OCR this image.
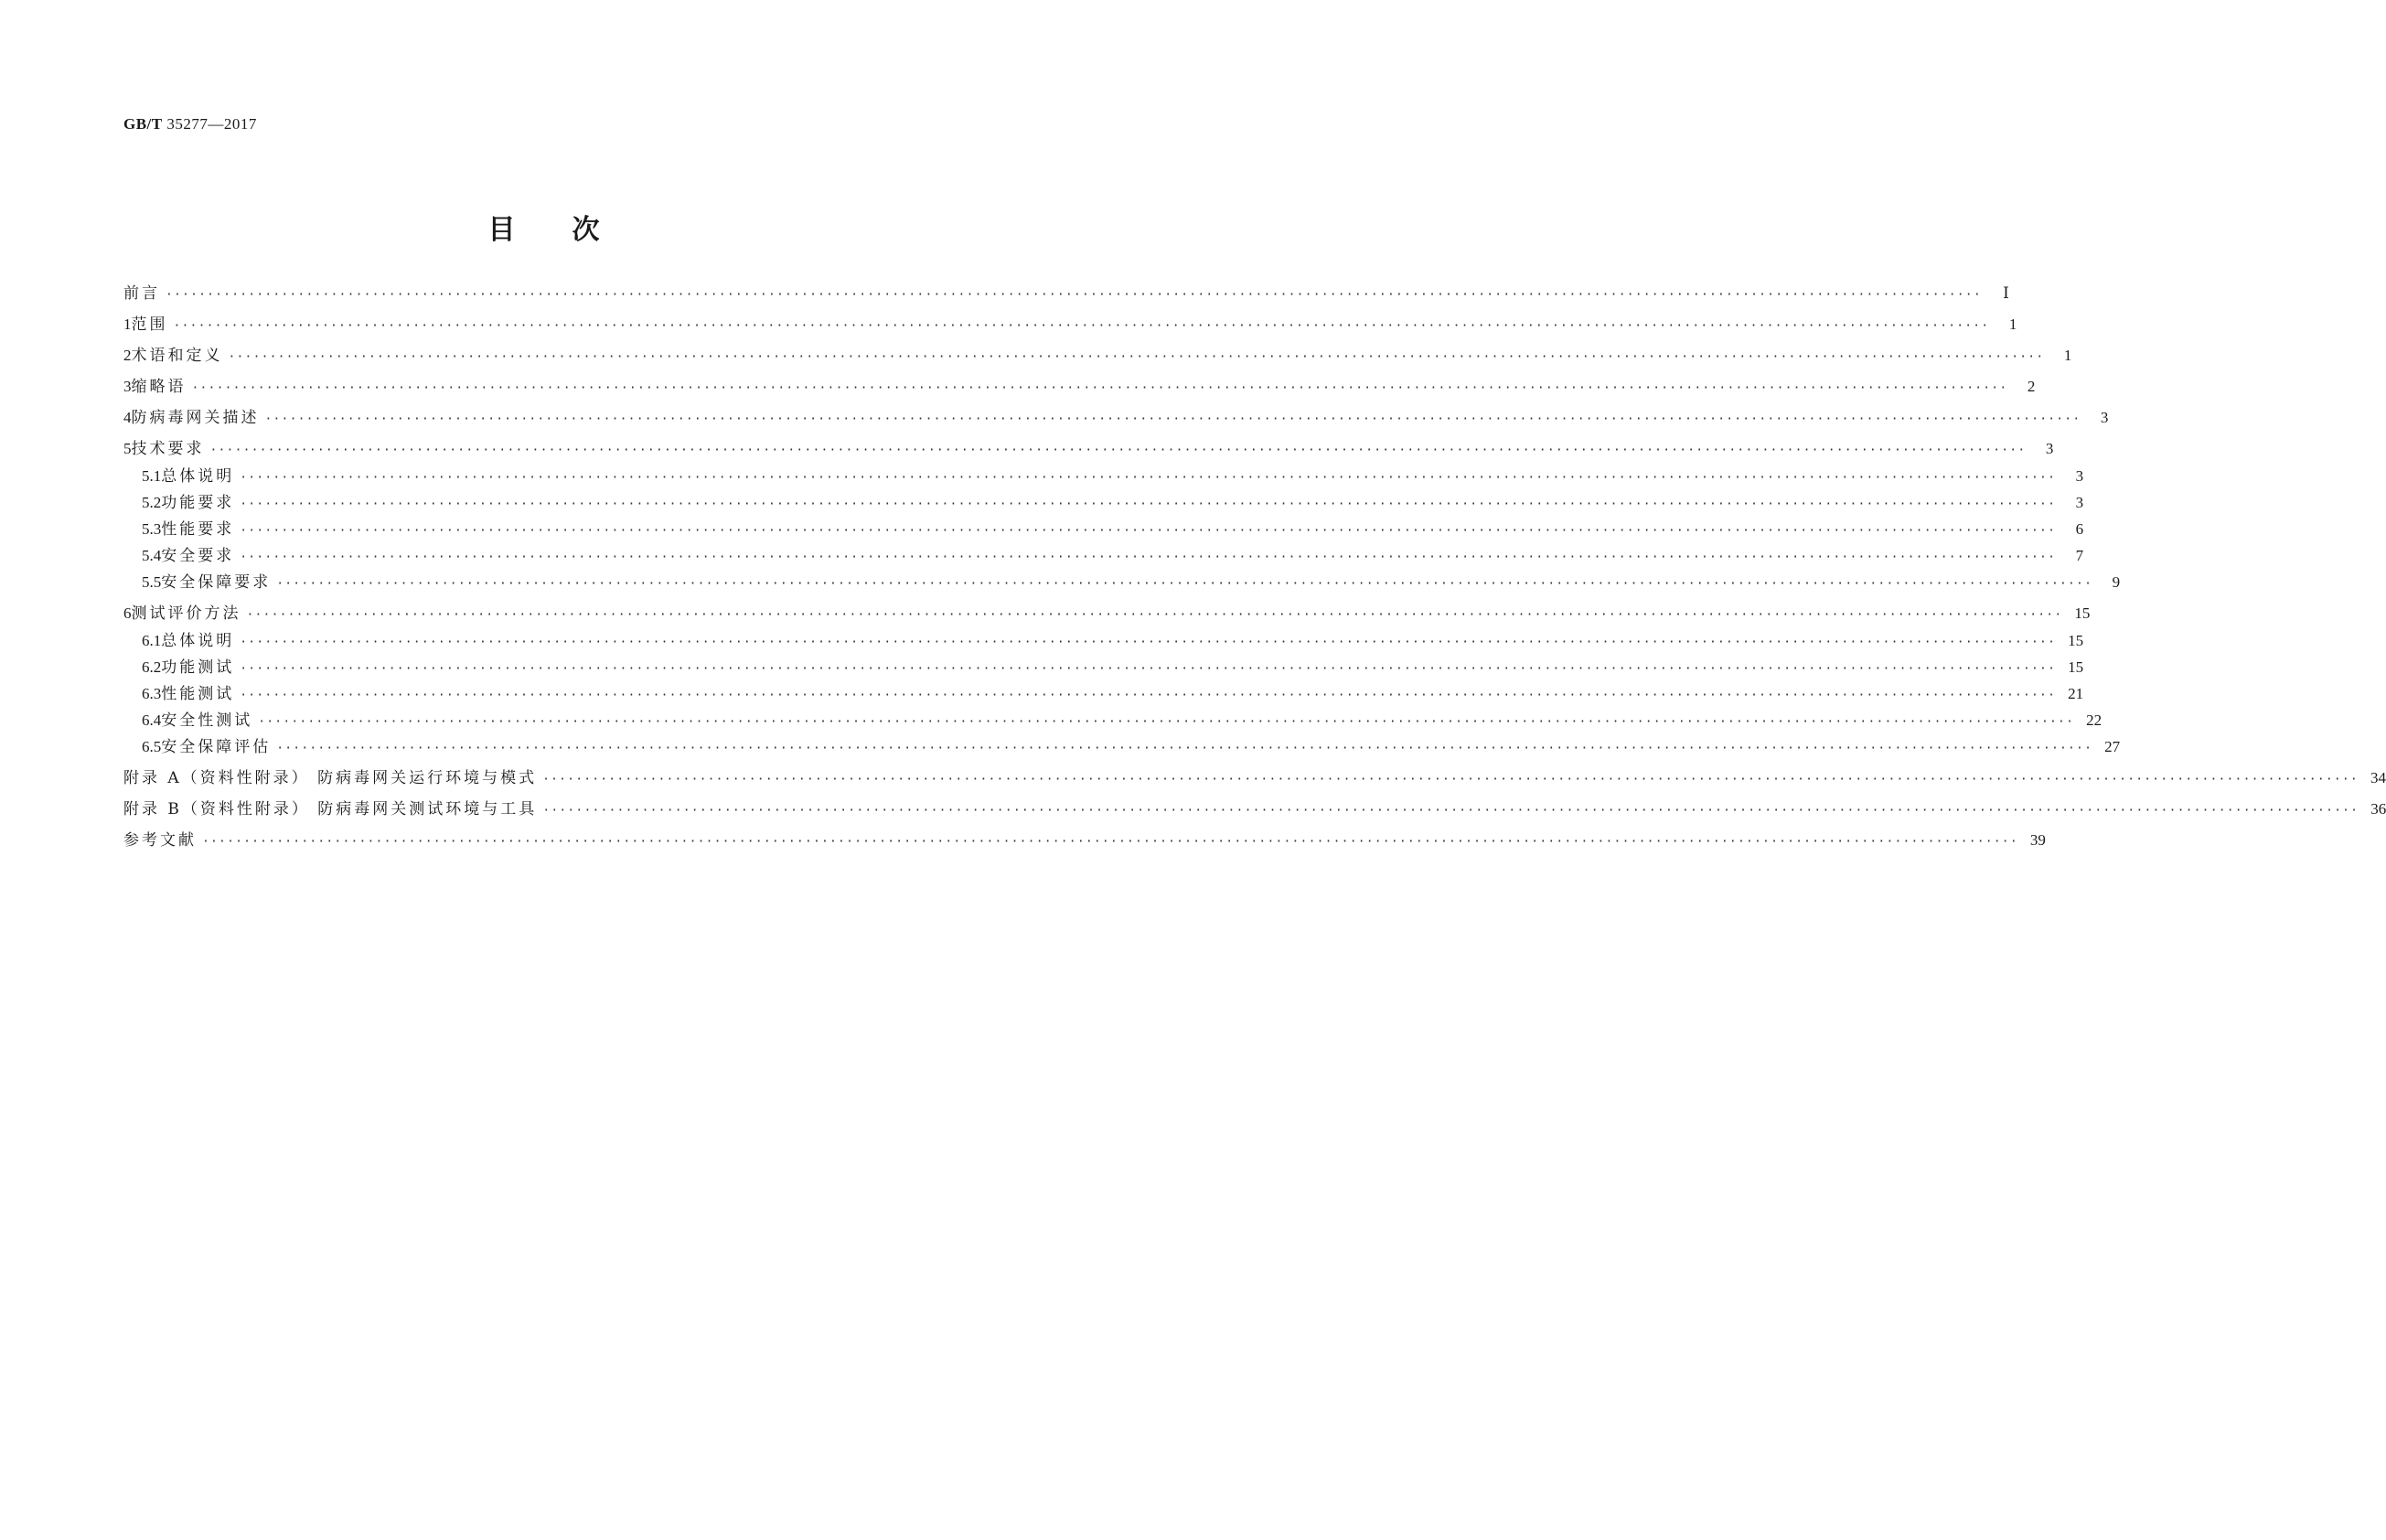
GB/T 35277—2017
目 次
前言 ····························································································································································································································	Ⅰ
1 范围 ····························································································································································································································	1
2 术语和定义 ····························································································································································································································	1
3 缩略语 ····························································································································································································································	2
4 防病毒网关描述 ····························································································································································································································	3
5 技术要求 ····························································································································································································································	3
5.1 总体说明 ····························································································································································································································	3
5.2 功能要求 ····························································································································································································································	3
5.3 性能要求 ····························································································································································································································	6
5.4 安全要求 ····························································································································································································································	7
5.5 安全保障要求 ····························································································································································································································	9
6 测试评价方法 ···························································································································································································································· 15
6.1 总体说明 ···························································································································································································································· 15
6.2 功能测试 ···························································································································································································································· 15
6.3 性能测试 ···························································································································································································································· 21
6.4 安全性测试 ···························································································································································································································· 22
6.5 安全保障评估 ···························································································································································································································· 27
附录 A（资料性附录） 防病毒网关运行环境与模式 ···························································································································································································································· 34
附录 B（资料性附录） 防病毒网关测试环境与工具 ···························································································································································································································· 36
参考文献 ···························································································································································································································· 39
